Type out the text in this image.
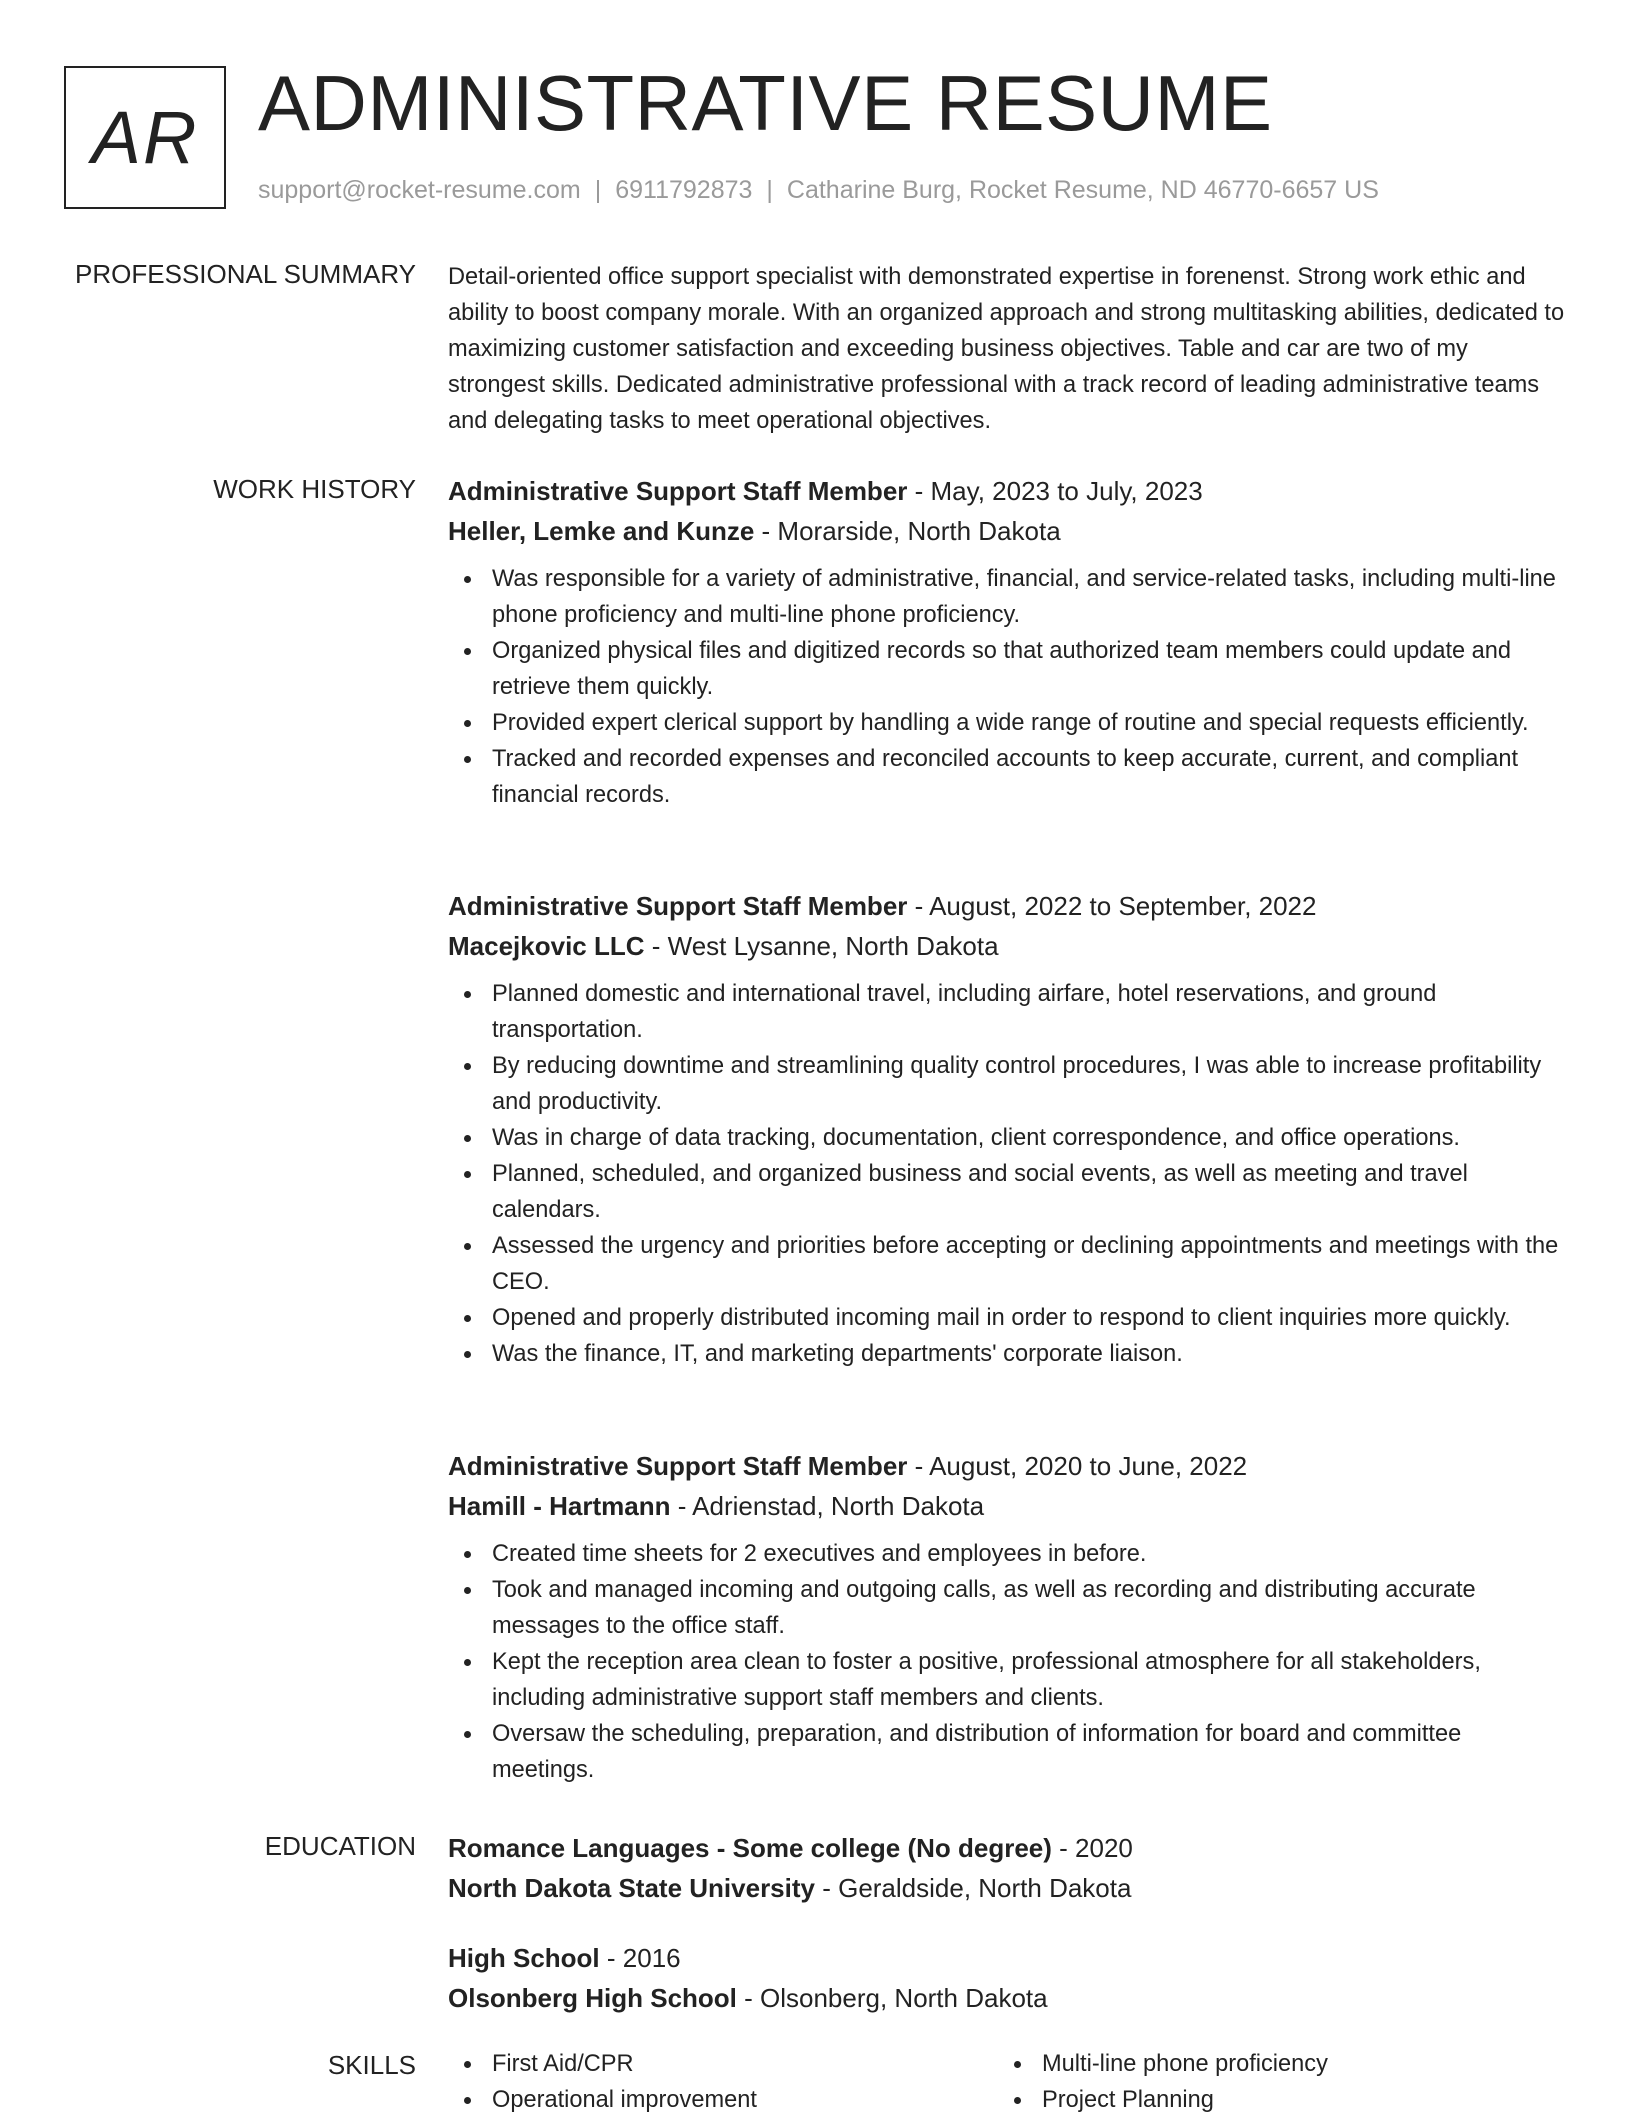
AR ADMINISTRATIVE RESUME
support@rocket-resume.com | 6911792873 | Catharine Burg, Rocket Resume, ND 46770-6657 US
PROFESSIONAL SUMMARY Detail-oriented office support specialist with demonstrated expertise in forenenst. Strong work ethic and ability to boost company morale. With an organized approach and strong multitasking abilities, dedicated to maximizing customer satisfaction and exceeding business objectives. Table and car are two of my strongest skills. Dedicated administrative professional with a track record of leading administrative teams and delegating tasks to meet operational objectives.
WORK HISTORY Administrative Support Staff Member - May, 2023 to July, 2023
Heller, Lemke and Kunze - Morarside, North Dakota
Was responsible for a variety of administrative, financial, and service-related tasks, including multi-line phone proficiency and multi-line phone proficiency.
Organized physical files and digitized records so that authorized team members could update and retrieve them quickly.
Provided expert clerical support by handling a wide range of routine and special requests efficiently.
Tracked and recorded expenses and reconciled accounts to keep accurate, current, and compliant financial records.
Administrative Support Staff Member - August, 2022 to September, 2022
Macejkovic LLC - West Lysanne, North Dakota
Planned domestic and international travel, including airfare, hotel reservations, and ground transportation.
By reducing downtime and streamlining quality control procedures, I was able to increase profitability and productivity.
Was in charge of data tracking, documentation, client correspondence, and office operations.
Planned, scheduled, and organized business and social events, as well as meeting and travel calendars.
Assessed the urgency and priorities before accepting or declining appointments and meetings with the CEO.
Opened and properly distributed incoming mail in order to respond to client inquiries more quickly.
Was the finance, IT, and marketing departments' corporate liaison.
Administrative Support Staff Member - August, 2020 to June, 2022
Hamill - Hartmann - Adrienstad, North Dakota
Created time sheets for 2 executives and employees in before.
Took and managed incoming and outgoing calls, as well as recording and distributing accurate messages to the office staff.
Kept the reception area clean to foster a positive, professional atmosphere for all stakeholders, including administrative support staff members and clients.
Oversaw the scheduling, preparation, and distribution of information for board and committee meetings.
EDUCATION Romance Languages - Some college (No degree) - 2020
North Dakota State University - Geraldside, North Dakota
High School - 2016
Olsonberg High School - Olsonberg, North Dakota
SKILLS	First Aid/CPR
Operational improvement
Multi-line phone proficiency
Project Planning
